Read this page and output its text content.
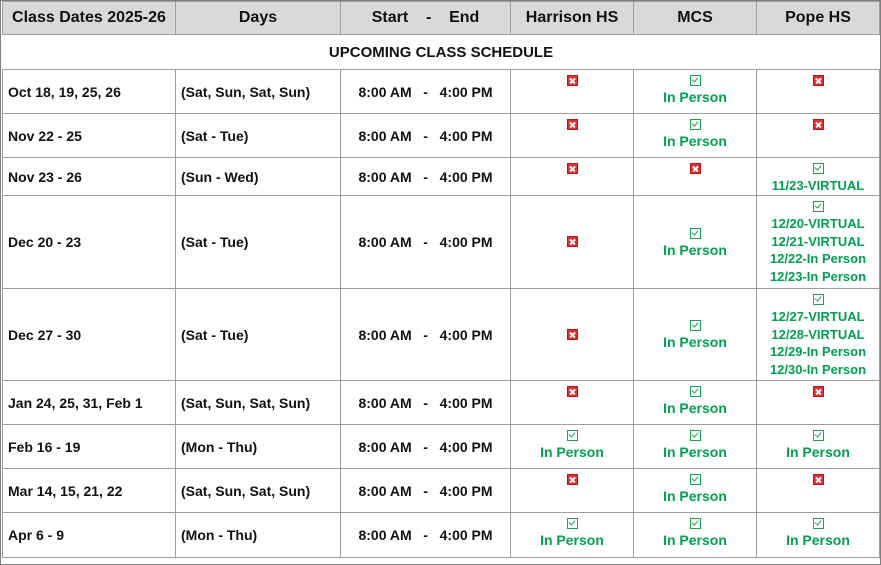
UPCOMING CLASS SCHEDULE					
Class Dates 2025-26	Days	Start    -    End	Harrison HS	MCS	Pope HS
Oct 18, 19, 25, 26	(Sat, Sun, Sat, Sun)	8:00 AM   -   4:00 PM		In Person	

Nov 22 - 25	(Sat - Tue)	8:00 AM   -   4:00 PM		In Person	

Nov 23 - 26	(Sun - Wed)	8:00 AM   -   4:00 PM			11/23-VIRTUAL

Dec 20 - 23	(Sat - Tue)	8:00 AM   -   4:00 PM		In Person	12/20-VIRTUAL
12/21-VIRTUAL
12/22-In Person
12/23-In Person

Dec 27 - 30	(Sat - Tue)	8:00 AM   -   4:00 PM		In Person	12/27-VIRTUAL
12/28-VIRTUAL
12/29-In Person
12/30-In Person

Jan 24, 25, 31, Feb 1	(Sat, Sun, Sat, Sun)	8:00 AM   -   4:00 PM		In Person	

Feb 16 - 19	(Mon - Thu)	8:00 AM   -   4:00 PM	In Person	In Person	In Person

Mar 14, 15, 21, 22	(Sat, Sun, Sat, Sun)	8:00 AM   -   4:00 PM		In Person	

Apr 6 - 9	(Mon - Thu)	8:00 AM   -   4:00 PM	In Person	In Person	In Person
